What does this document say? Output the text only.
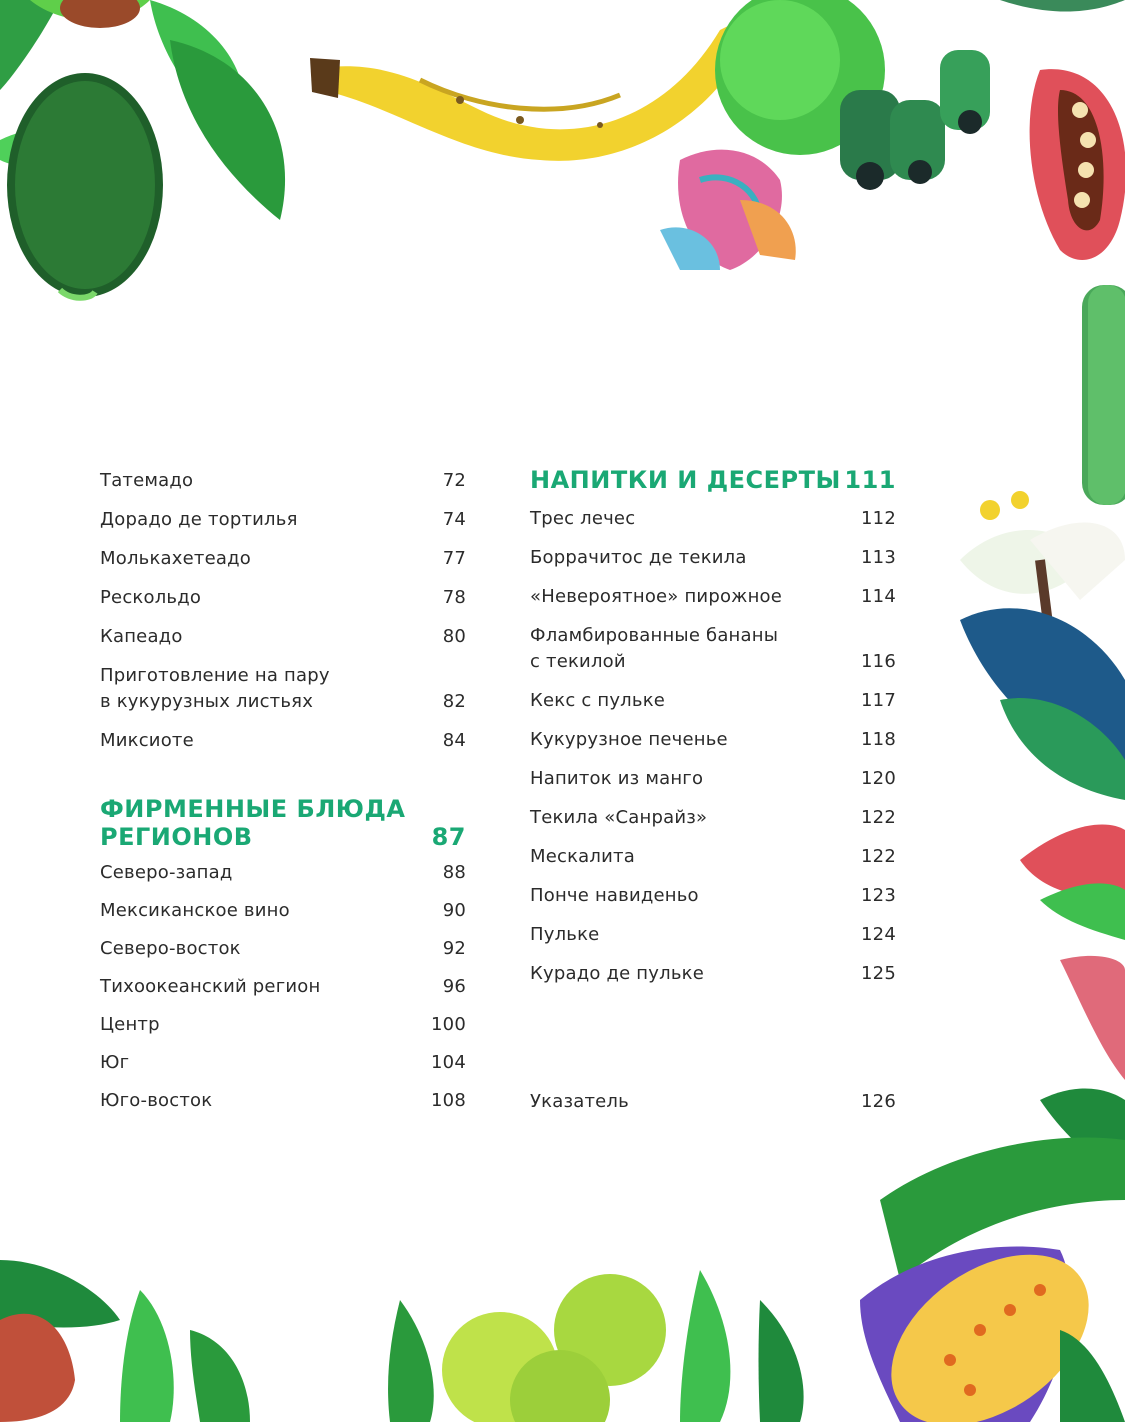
Татемадо	72
Дорадо де тортилья	74
Молькахетеадо	77
Рескольдо	78
Капеадо	80
Приготовление на пару
в кукурузных листьях	82
Миксиоте	84
ФИРМЕННЫЕ БЛЮДА
РЕГИОНОВ	87
Северо-запад	88
Мексиканское вино	90
Северо-восток	92
Тихоокеанский регион	96
Центр	100
Юг	104
Юго-восток	108
НАПИТКИ И ДЕСЕРТЫ 111
Трес лечес	112
Боррачитос де текила	113
«Невероятное» пирожное	114
Фламбированные бананы
с текилой	116
Кекс с пульке	117
Кукурузное печенье	118
Напиток из манго	120
Текила «Санрайз»	122
Мескалита	122
Понче навиденьо	123
Пульке	124
Курадо де пульке	125
Указатель	126
